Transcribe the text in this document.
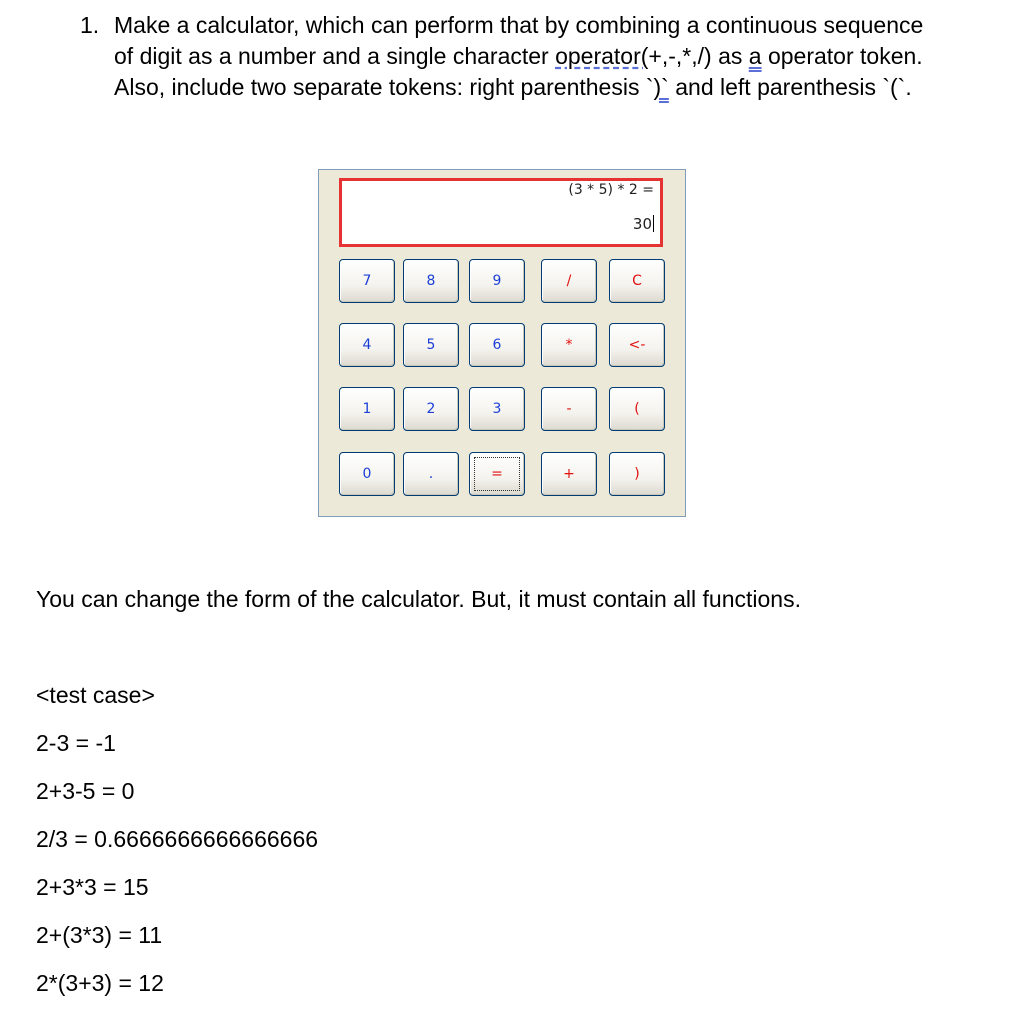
1. Make a calculator, which can perform that by combining a continuous sequence
of digit as a number and a single character operator(+,-,*,/) as a operator token.
Also, include two separate tokens: right parenthesis `)` and left parenthesis `(`.
(3 * 5) * 2 =
30
7	8	9	/	C
4	5	6	*	<-
1	2	3	-	(
0	.	=	+	)
You can change the form of the calculator. But, it must contain all functions.
<test case>
2-3 = -1
2+3-5 = 0
2/3 = 0.6666666666666666
2+3*3 = 15
2+(3*3) = 11
2*(3+3) = 12
